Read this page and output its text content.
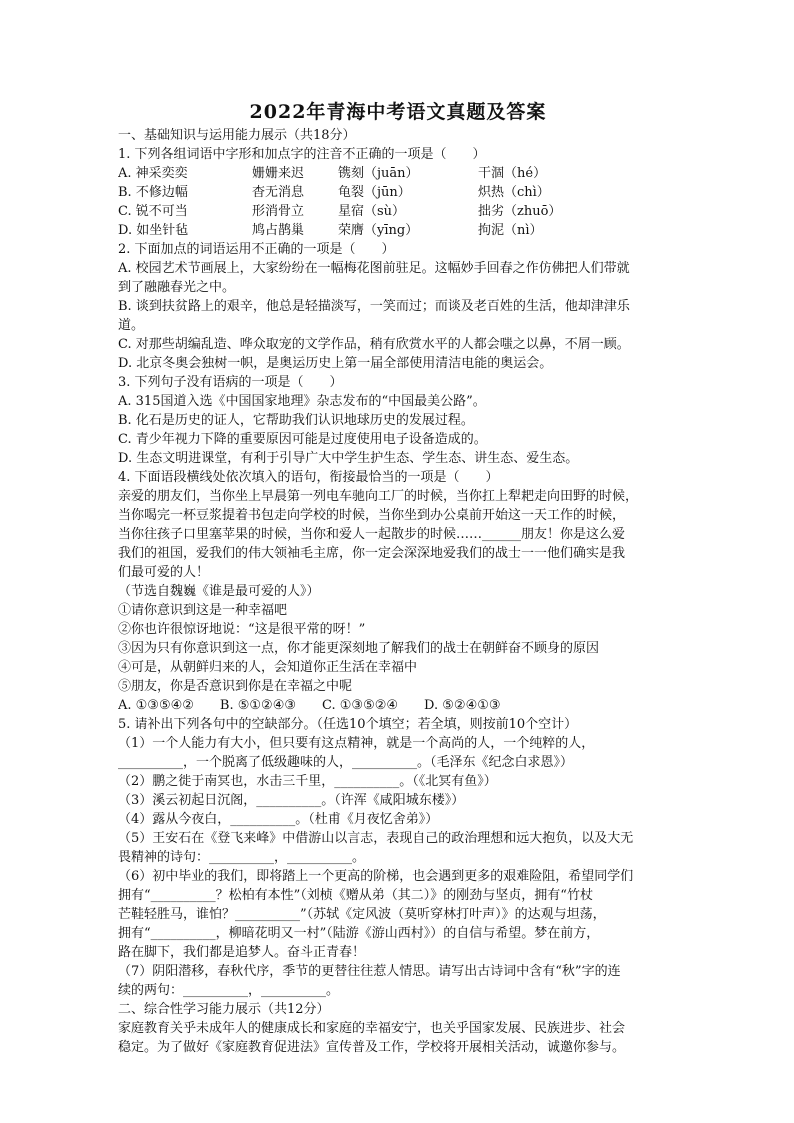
2022年青海中考语文真题及答案
一、基础知识与运用能力展示（共18分）
1. 下列各组词语中字形和加点字的注音不正确的一项是（　　）
A. 神采奕奕	姗姗来迟	镌刻（juān）	干涸（hé）
B. 不修边幅	杳无消息	龟裂（jūn）	炽热（chì）
C. 锐不可当	形消骨立	星宿（sù）	拙劣（zhuō）
D. 如坐针毡	鸠占鹊巢	荣膺（yīng）	拘泥（nì）
2. 下面加点的词语运用不正确的一项是（　　）
A. 校园艺术节画展上，大家纷纷在一幅梅花图前驻足。这幅妙手回春之作仿佛把人们带就
到了融融春光之中。
B. 谈到扶贫路上的艰辛，他总是轻描淡写，一笑而过；而谈及老百姓的生活，他却津津乐
道。
C. 对那些胡编乱造、哗众取宠的文学作品，稍有欣赏水平的人都会嗤之以鼻，不屑一顾。
D. 北京冬奥会独树一帜，是奥运历史上第一届全部使用清洁电能的奥运会。
3. 下列句子没有语病的一项是（　　）
A. 315国道入选《中国国家地理》杂志发布的“中国最美公路”。
B. 化石是历史的证人，它帮助我们认识地球历史的发展过程。
C. 青少年视力下降的重要原因可能是过度使用电子设备造成的。
D. 生态文明进课堂，有利于引导广大中学生护生态、学生态、讲生态、爱生态。
4. 下面语段横线处依次填入的语句，衔接最恰当的一项是（　　）
亲爱的朋友们，当你坐上早晨第一列电车驰向工厂的时候，当你扛上犁耙走向田野的时候，
当你喝完一杯豆浆提着书包走向学校的时候，当你坐到办公桌前开始这一天工作的时候，
当你往孩子口里塞苹果的时候，当你和爱人一起散步的时候……______朋友！你是这么爱
我们的祖国，爱我们的伟大领袖毛主席，你一定会深深地爱我们的战士一一他们确实是我
们最可爱的人！
（节选自魏巍《谁是最可爱的人》）
①请你意识到这是一种幸福吧
②你也许很惊讶地说：“这是很平常的呀！”
③因为只有你意识到这一点，你才能更深刻地了解我们的战士在朝鲜奋不顾身的原因
④可是，从朝鲜归来的人，会知道你正生活在幸福中
⑤朋友，你是否意识到你是在幸福之中呢
A. ①③⑤④②　　B. ⑤①②④③　　C. ①③⑤②④　　D. ⑤②④①③
5. 请补出下列各句中的空缺部分。（任选10个填空；若全填，则按前10个空计）
（1）一个人能力有大小，但只要有这点精神，就是一个高尚的人，一个纯粹的人，
__________，一个脱离了低级趣味的人，__________。（毛泽东《纪念白求恩》）
（2）鹏之徙于南冥也，水击三千里，__________。（《北冥有鱼》）
（3）溪云初起日沉阁，__________。（许浑《咸阳城东楼》）
（4）露从今夜白，__________。（杜甫《月夜忆舍弟》）
（5）王安石在《登飞来峰》中借游山以言志，表现自己的政治理想和远大抱负，以及大无
畏精神的诗句：__________，__________。
（6）初中毕业的我们，即将踏上一个更高的阶梯，也会遇到更多的艰难险阻，希望同学们
拥有“__________？松柏有本性”（刘桢《赠从弟（其二）》的刚劲与坚贞，拥有“竹杖
芒鞋轻胜马，谁怕？__________”（苏轼《定风波（莫听穿林打叶声）》的达观与坦荡，
拥有“__________，柳暗花明又一村”（陆游《游山西村》）的自信与希望。梦在前方，
路在脚下，我们都是追梦人。奋斗正青春！
（7）阴阳潜移，春秋代序，季节的更替往往惹人情思。请写出古诗词中含有“秋”字的连
续的两句：__________，__________。
二、综合性学习能力展示（共12分）
家庭教育关乎未成年人的健康成长和家庭的幸福安宁，也关乎国家发展、民族进步、社会
稳定。为了做好《家庭教育促进法》宣传普及工作，学校将开展相关活动，诚邀你参与。
